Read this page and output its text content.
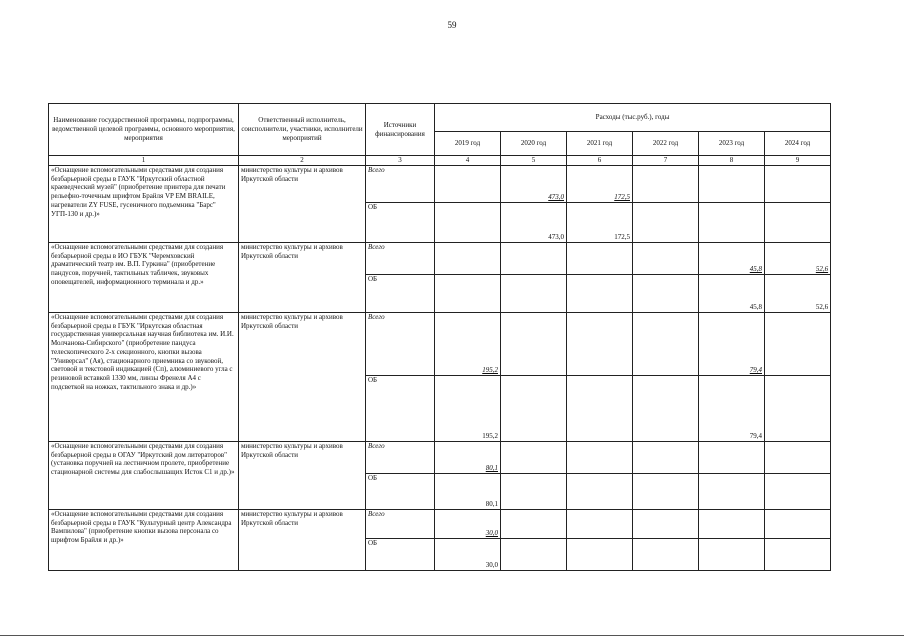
59
Наименование государственной программы, подпрограммы, ведомственной целевой программы, основного мероприятия, мероприятия	Ответственный исполнитель, соисполнители, участники, исполнители мероприятий	Источники финансирования	Расходы (тыс.руб.), годы					
			2019 год	2020 год	2021 год	2022 год	2023 год	2024 год
1	2	3	4	5	6	7	8	9
«Оснащение вспомогательными средствами для создания безбарьерной среды в ГАУК "Иркутский областной краеведческий музей" (приобретение принтера для печати рельефно-точечным шрифтом Брайля VP EM BRAILE, нагреватели ZY FUSE, гусеничного подъемника "Барс" УГП-130 и др.)»	министерство культуры и архивов Иркутской области	Всего		473,0	172,5			
		ОБ		473,0	172,5			
«Оснащение вспомогательными средствами для создания безбарьерной среды в ИО ГБУК "Черемховский драматический театр им. В.П. Гуркина" (приобретение пандусов, поручней, тактильных табличек, звуковых оповещателей, информационного терминала и др.»	министерство культуры и архивов Иркутской области	Всего					45,8	52,6
		ОБ					45,8	52,6
«Оснащение вспомогательными средствами для создания безбарьерной среды в ГБУК "Иркутская областная государственная универсальная научная библиотека им. И.И. Молчанова-Сибирского" (приобретение пандуса телескопического 2-х секционного, кнопки вызова "Универсал" (Ая), стационарного приемника со звуковой, световой и текстовой индикацией (Сп), алюминиевого угла с резиновой вставкой 1330 мм, линзы Френеля А4 с подсветкой на ножках, тактильного знака и др.)»	министерство культуры и архивов Иркутской области	Всего	195,2				79,4	
		ОБ	195,2				79,4	
«Оснащение вспомогательными средствами для создания безбарьерной среды в ОГАУ "Иркутский дом литераторов" (установка поручней на лестничном пролете, приобретение стационарной системы для слабослышащих Исток С1 и др.)»	министерство культуры и архивов Иркутской области	Всего	80,1					
		ОБ	80,1					
«Оснащение вспомогательными средствами для создания безбарьерной среды в ГАУК "Культурный центр Александра Вампилова" (приобретение кнопки вызова персонала со шрифтом Брайля и др.)»	министерство культуры и архивов Иркутской области	Всего	30,0					
		ОБ	30,0					
